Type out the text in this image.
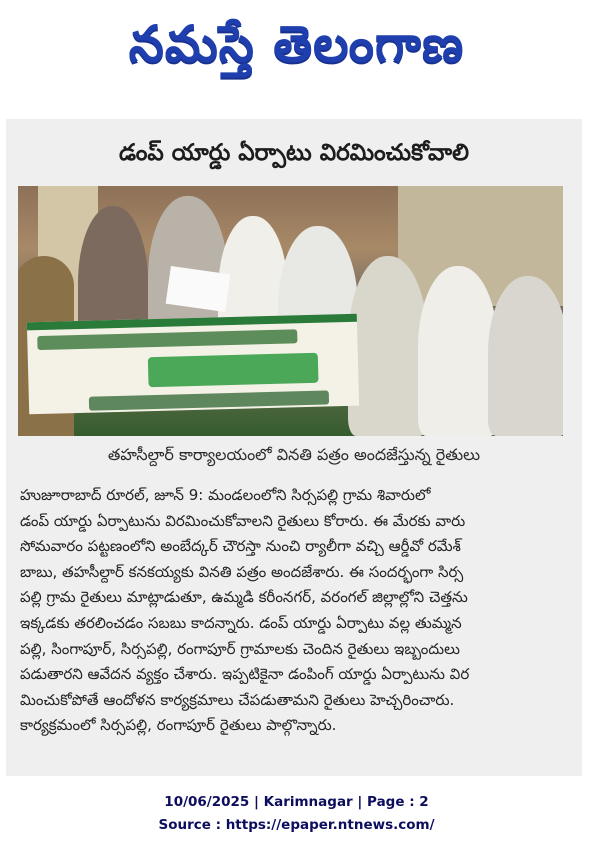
నమస్తే తెలంగాణ
డంప్ యార్డు ఏర్పాటు విరమించుకోవాలి
తహసీల్దార్ కార్యాలయంలో వినతి పత్రం అందజేస్తున్న రైతులు

హుజూరాబాద్ రూరల్, జూన్ 9: మండలంలోని సిర్సపల్లి గ్రామ శివారులో

డంప్ యార్డు ఏర్పాటును విరమించుకోవాలని రైతులు కోరారు. ఈ మేరకు వారు

సోమవారం పట్టణంలోని అంబేద్కర్ చౌరస్తా నుంచి ర్యాలీగా వచ్చి ఆర్డీవో రమేశ్

బాబు, తహసీల్దార్ కనకయ్యకు వినతి పత్రం అందజేశారు. ఈ సందర్భంగా సిర్స

పల్లి గ్రామ రైతులు మాట్లాడుతూ, ఉమ్మడి కరీంనగర్, వరంగల్ జిల్లాల్లోని చెత్తను

ఇక్కడకు తరలించడం సబబు కాదన్నారు. డంప్ యార్డు ఏర్పాటు వల్ల తుమ్మన

పల్లి, సింగాపూర్, సిర్సపల్లి, రంగాపూర్ గ్రామాలకు చెందిన రైతులు ఇబ్బందులు

పడుతారని ఆవేదన వ్యక్తం చేశారు. ఇప్పటికైనా డంపింగ్ యార్డు ఏర్పాటును విర

మించుకోపోతే ఆందోళన కార్యక్రమాలు చేపడుతామని రైతులు హెచ్చరించారు.

కార్యక్రమంలో సిర్సపల్లి, రంగాపూర్ రైతులు పాల్గొన్నారు.

10/06/2025 | Karimnagar | Page : 2
Source : https://epaper.ntnews.com/
